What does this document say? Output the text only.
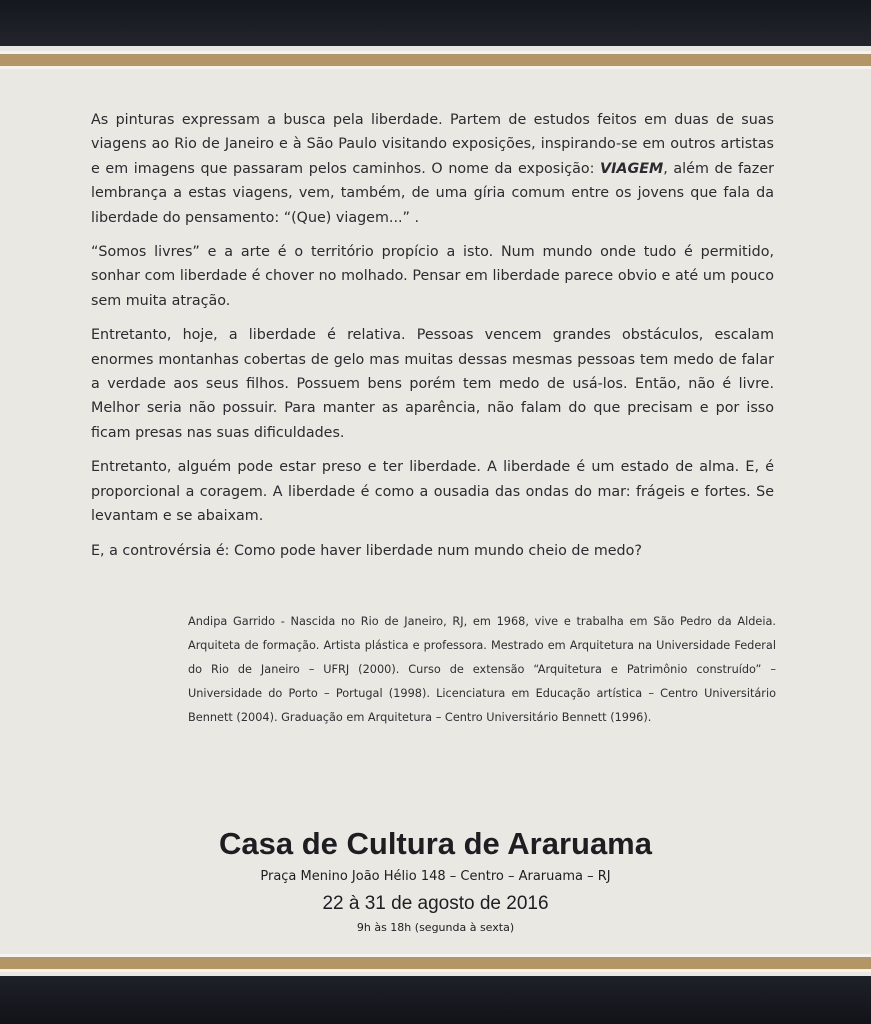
As pinturas expressam a busca pela liberdade. Partem de estudos feitos em duas de suas viagens ao Rio de Janeiro e à São Paulo visitando exposições, inspirando-se em outros artistas e em imagens que passaram pelos caminhos. O nome da exposição: VIAGEM, além de fazer lembrança a estas viagens, vem, também, de uma gíria comum entre os jovens que fala da liberdade do pensamento: “(Que) viagem...” .

“Somos livres” e a arte é o território propício a isto. Num mundo onde tudo é permitido, sonhar com liberdade é chover no molhado. Pensar em liberdade parece obvio e até um pouco sem muita atração.

Entretanto, hoje, a liberdade é relativa. Pessoas vencem grandes obstáculos, escalam enormes montanhas cobertas de gelo mas muitas dessas mesmas pessoas tem medo de falar a verdade aos seus filhos. Possuem bens porém tem medo de usá-los. Então, não é livre. Melhor seria não possuir. Para manter as aparência, não falam do que precisam e por isso ficam presas nas suas dificuldades.

Entretanto, alguém pode estar preso e ter liberdade. A liberdade é um estado de alma. E, é proporcional a coragem. A liberdade é como a ousadia das ondas do mar: frágeis e fortes. Se levantam e se abaixam.

E, a controvérsia é: Como pode haver liberdade num mundo cheio de medo?

Andipa Garrido - Nascida no Rio de Janeiro, RJ, em 1968, vive e trabalha em São Pedro da Aldeia. Arquiteta de formação. Artista plástica e professora. Mestrado em Arquitetura na Universidade Federal do Rio de Janeiro – UFRJ (2000). Curso de extensão “Arquitetura e Patrimônio construído” – Universidade do Porto – Portugal (1998). Licenciatura em Educação artística – Centro Universitário Bennett (2004). Graduação em Arquitetura – Centro Universitário Bennett (1996).
Casa de Cultura de Araruama
Praça Menino João Hélio 148 – Centro – Araruama – RJ
22 à 31 de agosto de 2016
9h às 18h (segunda à sexta)
